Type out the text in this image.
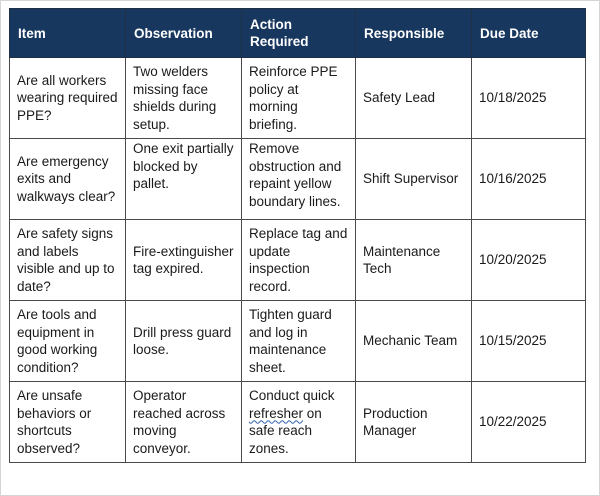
Item	Observation	Action Required	Responsible	Due Date
Are all workers wearing required PPE?	Two welders missing face shields during setup.	Reinforce PPE policy at morning briefing.	Safety Lead	10/18/2025
Are emergency exits and walkways clear?	One exit partially blocked by pallet.	Remove obstruction and repaint yellow boundary lines.	Shift Supervisor	10/16/2025
Are safety signs and labels visible and up to date?	Fire-extinguisher tag expired.	Replace tag and update inspection record.	Maintenance Tech	10/20/2025
Are tools and equipment in good working condition?	Drill press guard loose.	Tighten guard and log in maintenance sheet.	Mechanic Team	10/15/2025
Are unsafe behaviors or shortcuts observed?	Operator reached across moving conveyor.	Conduct quick refresher on safe reach zones.	Production Manager	10/22/2025
